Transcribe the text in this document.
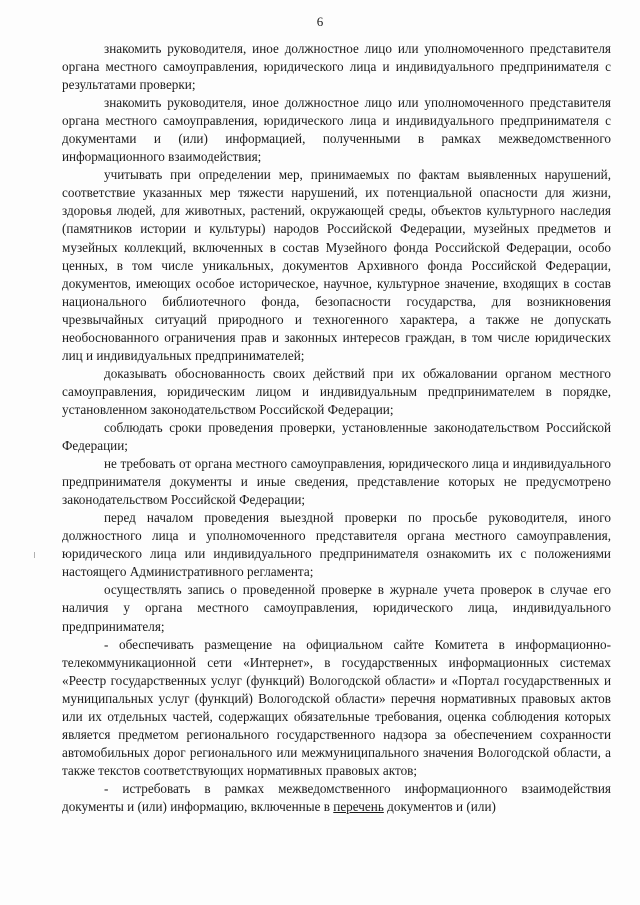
6

знакомить руководителя, иное должностное лицо или уполномоченного представителя органа местного самоуправления, юридического лица и индивидуального предпринимателя с результатами проверки;

знакомить руководителя, иное должностное лицо или уполномоченного представителя органа местного самоуправления, юридического лица и индивидуального предпринимателя с документами и (или) информацией, полученными в рамках межведомственного информационного взаимодействия;

учитывать при определении мер, принимаемых по фактам выявленных нарушений, соответствие указанных мер тяжести нарушений, их потенциальной опасности для жизни, здоровья людей, для животных, растений, окружающей среды, объектов культурного наследия (памятников истории и культуры) народов Российской Федерации, музейных предметов и музейных коллекций, включенных в состав Музейного фонда Российской Федерации, особо ценных, в том числе уникальных, документов Архивного фонда Российской Федерации, документов, имеющих особое историческое, научное, культурное значение, входящих в состав национального библиотечного фонда, безопасности государства, для возникновения чрезвычайных ситуаций природного и техногенного характера, а также не допускать необоснованного ограничения прав и законных интересов граждан, в том числе юридических лиц и индивидуальных предпринимателей;

доказывать обоснованность своих действий при их обжаловании органом местного самоуправления, юридическим лицом и индивидуальным предпринимателем в порядке, установленном законодательством Российской Федерации;

соблюдать сроки проведения проверки, установленные законодательством Российской Федерации;

не требовать от органа местного самоуправления, юридического лица и индивидуального предпринимателя документы и иные сведения, представление которых не предусмотрено законодательством Российской Федерации;

перед началом проведения выездной проверки по просьбе руководителя, иного должностного лица и уполномоченного представителя органа местного самоуправления, юридического лица или индивидуального предпринимателя ознакомить их с положениями настоящего Административного регламента;

осуществлять запись о проведенной проверке в журнале учета проверок в случае его наличия у органа местного самоуправления, юридического лица, индивидуального предпринимателя;

- обеспечивать размещение на официальном сайте Комитета в информационно-телекоммуникационной сети «Интернет», в государственных информационных системах «Реестр государственных услуг (функций) Вологодской области» и «Портал государственных и муниципальных услуг (функций) Вологодской области» перечня нормативных правовых актов или их отдельных частей, содержащих обязательные требования, оценка соблюдения которых является предметом регионального государственного надзора за обеспечением сохранности автомобильных дорог регионального или межмуниципального значения Вологодской области, а также текстов соответствующих нормативных правовых актов;

- истребовать в рамках межведомственного информационного взаимодействия документы и (или) информацию, включенные в перечень документов и (или)
